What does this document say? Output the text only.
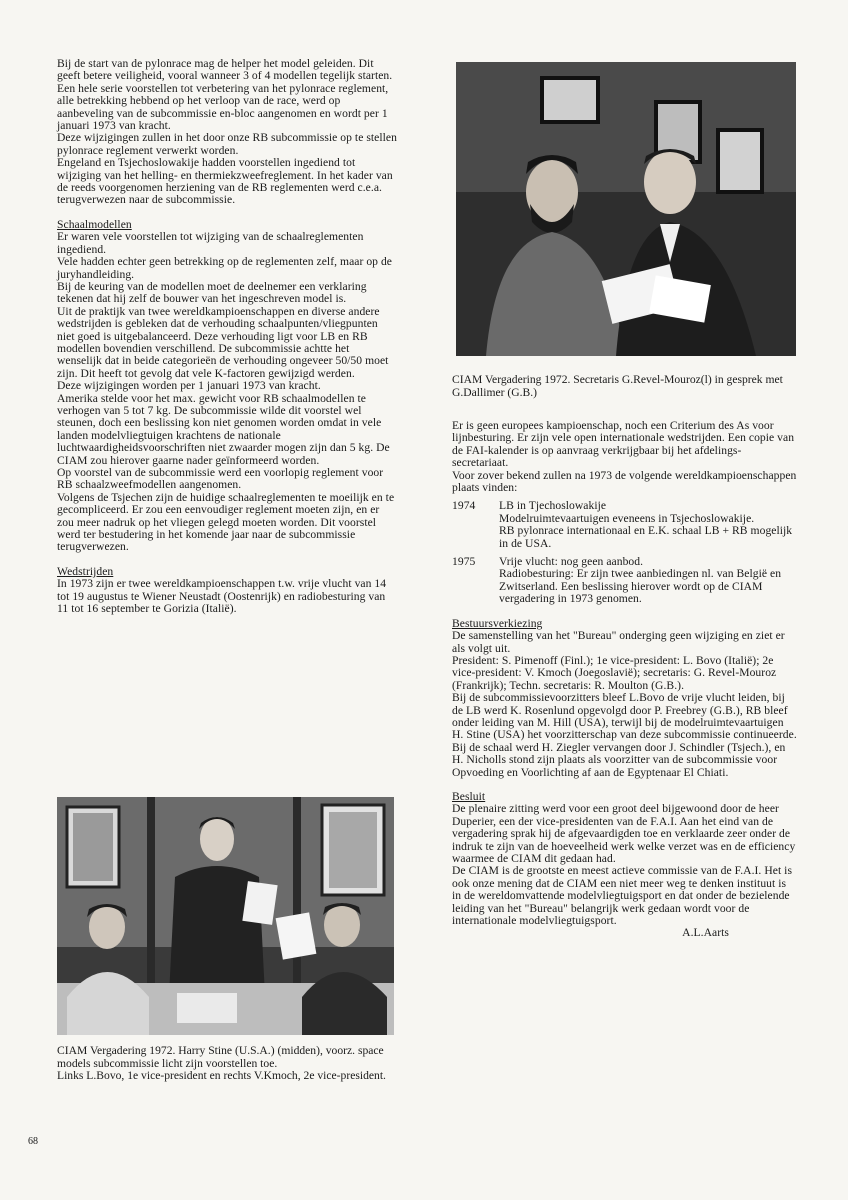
Bij de start van de pylonrace mag de helper het model geleiden. Dit geeft betere veiligheid, vooral wanneer 3 of 4 modellen tegelijk starten.

Een hele serie voorstellen tot verbetering van het pylonrace reglement, alle betrekking hebbend op het verloop van de race, werd op aanbeveling van de subcommissie en-bloc aangenomen en wordt per 1 januari 1973 van kracht.

Deze wijzigingen zullen in het door onze RB subcommissie op te stellen pylonrace reglement verwerkt worden.

Engeland en Tsjechoslowakije hadden voorstellen ingediend tot wijziging van het helling- en thermiekzweefreglement. In het kader van de reeds voorgenomen herziening van de RB reglementen werd c.e.a. terugverwezen naar de subcommissie.

Schaalmodellen

Er waren vele voorstellen tot wijziging van de schaalreglementen ingediend.

Vele hadden echter geen betrekking op de reglementen zelf, maar op de juryhandleiding.

Bij de keuring van de modellen moet de deelnemer een verklaring tekenen dat hij zelf de bouwer van het ingeschreven model is.

Uit de praktijk van twee wereldkampioenschappen en diverse andere wedstrijden is gebleken dat de verhouding schaalpunten/vliegpunten niet goed is uitgebalanceerd. Deze verhouding ligt voor LB en RB modellen bovendien verschillend. De subcommissie achtte het wenselijk dat in beide categorieën de verhouding ongeveer 50/50 moet zijn. Dit heeft tot gevolg dat vele K-factoren gewijzigd werden.

Deze wijzigingen worden per 1 januari 1973 van kracht.

Amerika stelde voor het max. gewicht voor RB schaalmodellen te verhogen van 5 tot 7 kg. De subcommissie wilde dit voorstel wel steunen, doch een beslissing kon niet genomen worden omdat in vele landen modelvliegtuigen krachtens de nationale luchtwaardigheidsvoorschriften niet zwaarder mogen zijn dan 5 kg. De CIAM zou hierover gaarne nader geïnformeerd worden.

Op voorstel van de subcommissie werd een voorlopig reglement voor RB schaalzweefmodellen aangenomen.

Volgens de Tsjechen zijn de huidige schaalreglementen te moeilijk en te gecompliceerd. Er zou een eenvoudiger reglement moeten zijn, en er zou meer nadruk op het vliegen gelegd moeten worden. Dit voorstel werd ter bestudering in het komende jaar naar de subcommissie terugverwezen.

Wedstrijden

In 1973 zijn er twee wereldkampioenschappen t.w. vrije vlucht van 14 tot 19 augustus te Wiener Neustadt (Oostenrijk) en radiobesturing van 11 tot 16 september te Gorizia (Italië).

CIAM Vergadering 1972. Harry Stine (U.S.A.) (midden), voorz. space models subcommissie licht zijn voorstellen toe.

Links L.Bovo, 1e vice-president en rechts V.Kmoch, 2e vice-president.

CIAM Vergadering 1972. Secretaris G.Revel-Mouroz(l) in gesprek met G.Dallimer (G.B.)

Er is geen europees kampioenschap, noch een Criterium des As voor lijnbesturing. Er zijn vele open internationale wedstrijden. Een copie van de FAI-kalender is op aanvraag verkrijgbaar bij het afdelings-secretariaat.

Voor zover bekend zullen na 1973 de volgende wereldkampioenschappen plaats vinden:

1974	LB in Tjechoslowakije

Modelruimtevaartuigen eveneens in Tsjechoslowakije.

RB pylonrace internationaal en E.K. schaal LB + RB mogelijk in de USA.

1975	Vrije vlucht: nog geen aanbod.

Radiobesturing: Er zijn twee aanbiedingen nl. van België en Zwitserland. Een beslissing hierover wordt op de CIAM vergadering in 1973 genomen.

Bestuursverkiezing

De samenstelling van het "Bureau" onderging geen wijziging en ziet er als volgt uit.

President: S. Pimenoff (Finl.); 1e vice-president: L. Bovo (Italië); 2e vice-president: V. Kmoch (Joegoslavië); secretaris: G. Revel-Mouroz (Frankrijk); Techn. secretaris: R. Moulton (G.B.).

Bij de subcommissievoorzitters bleef L.Bovo de vrije vlucht leiden, bij de LB werd K. Rosenlund opgevolgd door P. Freebrey (G.B.), RB bleef onder leiding van M. Hill (USA), terwijl bij de modelruimtevaartuigen H. Stine (USA) het voorzitterschap van deze subcommissie continueerde. Bij de schaal werd H. Ziegler vervangen door J. Schindler (Tsjech.), en H. Nicholls stond zijn plaats als voorzitter van de subcommissie voor Opvoeding en Voorlichting af aan de Egyptenaar El Chiati.

Besluit

De plenaire zitting werd voor een groot deel bijgewoond door de heer Duperier, een der vice-presidenten van de F.A.I. Aan het eind van de vergadering sprak hij de afgevaardigden toe en verklaarde zeer onder de indruk te zijn van de hoeveelheid werk welke verzet was en de efficiency waarmee de CIAM dit gedaan had.

De CIAM is de grootste en meest actieve commissie van de F.A.I. Het is ook onze mening dat de CIAM een niet meer weg te denken instituut is in de wereldomvattende modelvliegtuigsport en dat onder de bezielende leiding van het "Bureau" belangrijk werk gedaan wordt voor de internationale modelvliegtuigsport.

A.L.Aarts

68
